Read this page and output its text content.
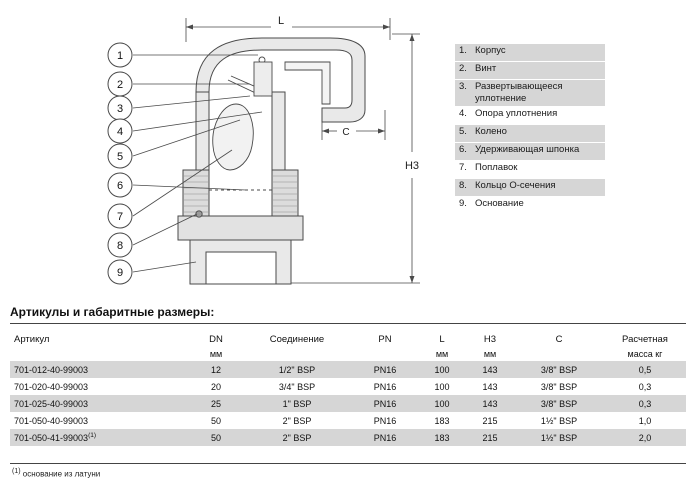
L
C
H3
1
2
3
4
5
6
7
8
9
1. Корпус
2. Винт
3. Развертывающееся уплотнение
4. Опора уплотнения
5. Колено
6. Удерживающая шпонка
7. Поплавок
8. Кольцо О-сечения
9. Основание
Артикулы и габаритные размеры:
Артикул	DN	Соединение	PN	L	H3	C	Расчетная
	мм			мм	мм		масса кг
701-012-40-99003	12	1/2" BSP	PN16	100	143	3/8" BSP	0,5
701-020-40-99003	20	3/4" BSP	PN16	100	143	3/8" BSP	0,3
701-025-40-99003	25	1" BSP	PN16	100	143	3/8" BSP	0,3
701-050-40-99003	50	2" BSP	PN16	183	215	1½" BSP	1,0
701-050-41-99003$^{(1)}$	50	2" BSP	PN16	183	215	1½" BSP	2,0
(1) основание из латуни
